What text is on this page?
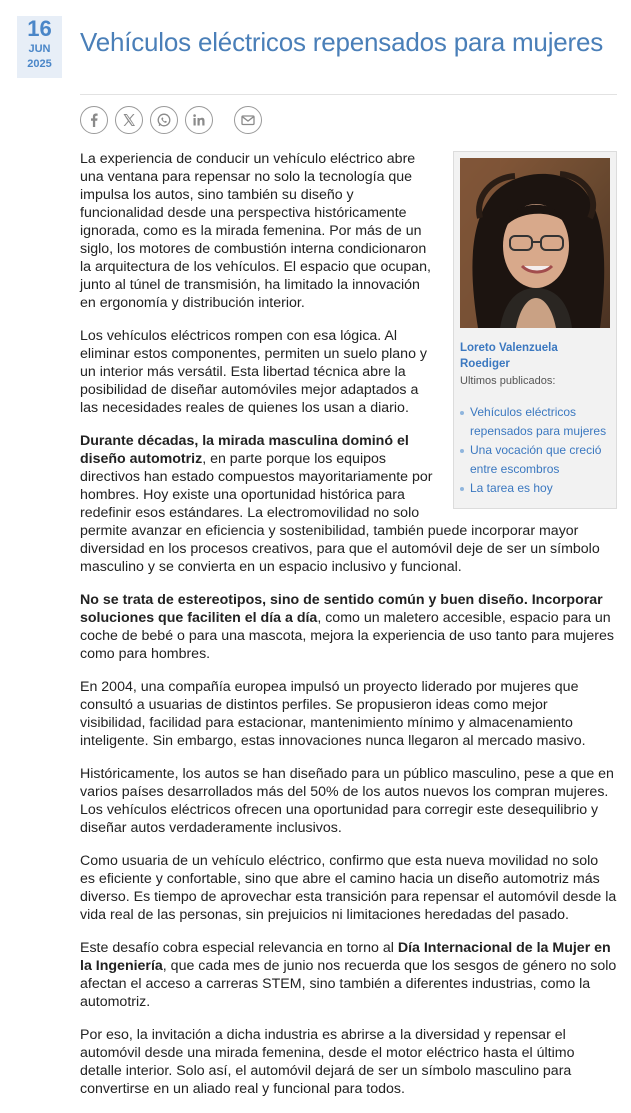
16
JUN
2025
Vehículos eléctricos repensados para mujeres
Loreto Valenzuela Roediger
Ultimos publicados:
Vehículos eléctricos repensados para mujeres
Una vocación que creció entre escombros
La tarea es hoy

La experiencia de conducir un vehículo eléctrico abre una ventana para repensar no solo la tecnología que impulsa los autos, sino también su diseño y funcionalidad desde una perspectiva históricamente ignorada, como es la mirada femenina. Por más de un siglo, los motores de combustión interna condicionaron la arquitectura de los vehículos. El espacio que ocupan, junto al túnel de transmisión, ha limitado la innovación en ergonomía y distribución interior.

Los vehículos eléctricos rompen con esa lógica. Al eliminar estos componentes, permiten un suelo plano y un interior más versátil. Esta libertad técnica abre la posibilidad de diseñar automóviles mejor adaptados a las necesidades reales de quienes los usan a diario.

Durante décadas, la mirada masculina dominó el diseño automotriz, en parte porque los equipos directivos han estado compuestos mayoritariamente por hombres. Hoy existe una oportunidad histórica para redefinir esos estándares. La electromovilidad no solo permite avanzar en eficiencia y sostenibilidad, también puede incorporar mayor diversidad en los procesos creativos, para que el automóvil deje de ser un símbolo masculino y se convierta en un espacio inclusivo y funcional.

No se trata de estereotipos, sino de sentido común y buen diseño. Incorporar soluciones que faciliten el día a día, como un maletero accesible, espacio para un coche de bebé o para una mascota, mejora la experiencia de uso tanto para mujeres como para hombres.

En 2004, una compañía europea impulsó un proyecto liderado por mujeres que consultó a usuarias de distintos perfiles. Se propusieron ideas como mejor visibilidad, facilidad para estacionar, mantenimiento mínimo y almacenamiento inteligente. Sin embargo, estas innovaciones nunca llegaron al mercado masivo.

Históricamente, los autos se han diseñado para un público masculino, pese a que en varios países desarrollados más del 50% de los autos nuevos los compran mujeres. Los vehículos eléctricos ofrecen una oportunidad para corregir este desequilibrio y diseñar autos verdaderamente inclusivos.

Como usuaria de un vehículo eléctrico, confirmo que esta nueva movilidad no solo es eficiente y confortable, sino que abre el camino hacia un diseño automotriz más diverso. Es tiempo de aprovechar esta transición para repensar el automóvil desde la vida real de las personas, sin prejuicios ni limitaciones heredadas del pasado.

Este desafío cobra especial relevancia en torno al Día Internacional de la Mujer en la Ingeniería, que cada mes de junio nos recuerda que los sesgos de género no solo afectan el acceso a carreras STEM, sino también a diferentes industrias, como la automotriz.

Por eso, la invitación a dicha industria es abrirse a la diversidad y repensar el automóvil desde una mirada femenina, desde el motor eléctrico hasta el último detalle interior. Solo así, el automóvil dejará de ser un símbolo masculino para convertirse en un aliado real y funcional para todos.
